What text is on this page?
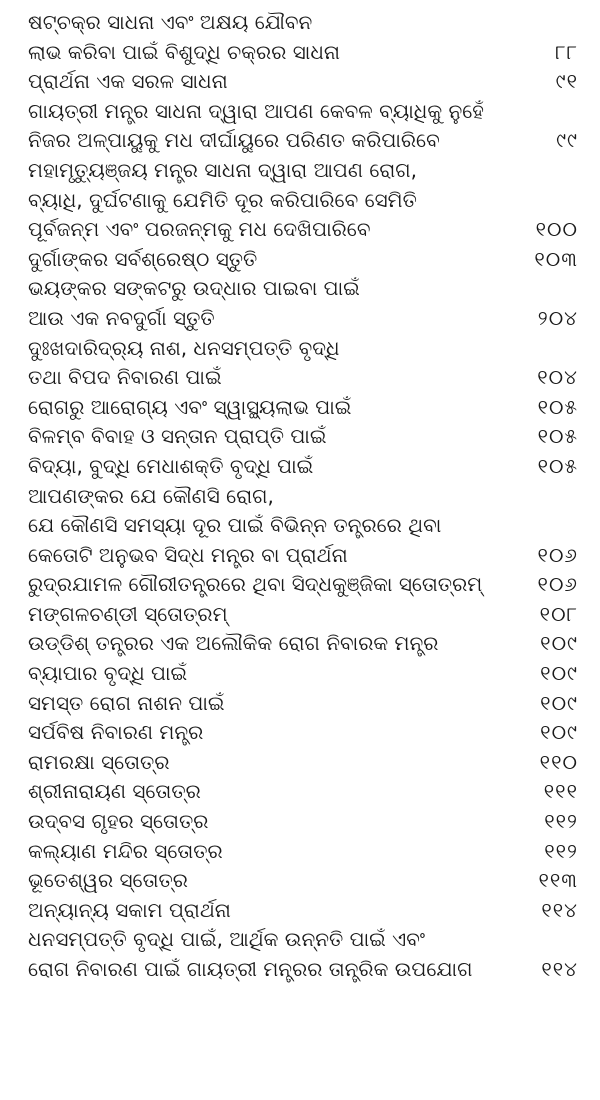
ଷଟ୍‌ଚକ୍ର ସାଧନା ଏବଂ ଅକ୍ଷୟ ଯୌବନ
ଲାଭ କରିବା ପାଇଁ ବିଶୁଦ୍ଧି ଚକ୍ରର ସାଧନା	୮୮
ପ୍ରାର୍ଥନା ଏକ ସରଳ ସାଧନା	୯୧
ଗାୟତ୍ରୀ ମନ୍ତ୍ର ସାଧନା ଦ୍ୱାରା ଆପଣ କେବଳ ବ୍ୟାଧିକୁ ନୁହେଁ
ନିଜର ଅଳ୍ପାୟୁକୁ ମଧ ଦୀର୍ଘାୟୁରେ ପରିଣତ କରିପାରିବେ	୯୯
ମହାମୃତ୍ୟୁଞ୍ଜୟ ମନ୍ତ୍ର ସାଧନା ଦ୍ୱାରା ଆପଣ ରୋଗ,
ବ୍ୟାଧି, ଦୁର୍ଘଟଣାକୁ ଯେମିତି ଦୂର କରିପାରିବେ ସେମିତି
ପୂର୍ବଜନ୍ମ ଏବଂ ପରଜନ୍ମକୁ ମଧ ଦେଖିପାରିବେ	୧୦୦
ଦୁର୍ଗାଙ୍କର ସର୍ବଶ୍ରେଷ୍ଠ ସ୍ତୁତି	୧୦୩
ଭୟଙ୍କର ସଙ୍କଟରୁ ଉଦ୍ଧାର ପାଇବା ପାଇଁ
ଆଉ ଏକ ନବଦୁର୍ଗା ସ୍ତୁତି	୨୦୪
ଦୁଃଖଦାରିଦ୍ର୍ୟ ନାଶ, ଧନସମ୍ପତ୍ତି ବୃଦ୍ଧି
ତଥା ବିପଦ ନିବାରଣ ପାଇଁ	୧୦୪
ରୋଗରୁ ଆରୋଗ୍ୟ ଏବଂ ସ୍ୱାସ୍ଥ୍ୟଲାଭ ପାଇଁ	୧୦୫
ବିଳମ୍ବ ବିବାହ ଓ ସନ୍ତାନ ପ୍ରାପ୍ତି ପାଇଁ	୧୦୫
ବିଦ୍ୟା, ବୁଦ୍ଧି ମେଧାଶକ୍ତି ବୃଦ୍ଧି ପାଇଁ	୧୦୫
ଆପଣଙ୍କର ଯେ କୌଣସି ରୋଗ,
ଯେ କୌଣସି ସମସ୍ୟା ଦୂର ପାଇଁ ବିଭିନ୍ନ ତନ୍ତ୍ରରେ ଥିବା
କେତୋଟି ଅନୁଭବ ସିଦ୍ଧ ମନ୍ତ୍ର ବା ପ୍ରାର୍ଥନା	୧୦୬
ରୁଦ୍ରଯାମଳ ଗୌରୀତନ୍ତ୍ରରେ ଥିବା ସିଦ୍ଧକୁଞ୍ଜିକା ସ୍ତୋତ୍ରମ୍	୧୦୬
ମଙ୍ଗଳଚଣ୍ଡୀ ସ୍ତୋତ୍ରମ୍	୧୦୮
ଉଡ୍‌ଡିଶ୍ ତନ୍ତ୍ରର ଏକ ଅଲୌକିକ ରୋଗ ନିବାରକ ମନ୍ତ୍ର	୧୦୯
ବ୍ୟାପାର ବୃଦ୍ଧି ପାଇଁ	୧୦୯
ସମସ୍ତ ରୋଗ ନାଶନ ପାଇଁ	୧୦୯
ସର୍ପବିଷ ନିବାରଣ ମନ୍ତ୍ର	୧୦୯
ରାମରକ୍ଷା ସ୍ତୋତ୍ର	୧୧୦
ଶ୍ରୀନାରାୟଣ ସ୍ତୋତ୍ର	୧୧୧
ଉଦ୍‌ବସ ଗୃହର ସ୍ତୋତ୍ର	୧୧୨
କଲ୍ୟାଣ ମନ୍ଦିର ସ୍ତୋତ୍ର	୧୧୨
ଭୂତେଶ୍ୱର ସ୍ତୋତ୍ର	୧୧୩
ଅନ୍ୟାନ୍ୟ ସକାମ ପ୍ରାର୍ଥନା	୧୧୪
ଧନସମ୍ପତ୍ତି ବୃଦ୍ଧି ପାଇଁ, ଆର୍ଥିକ ଉନ୍ନତି ପାଇଁ ଏବଂ
ରୋଗ ନିବାରଣ ପାଇଁ ଗାୟତ୍ରୀ ମନ୍ତ୍ରର ତାନ୍ତ୍ରିକ ଉପଯୋଗ	୧୧୪
